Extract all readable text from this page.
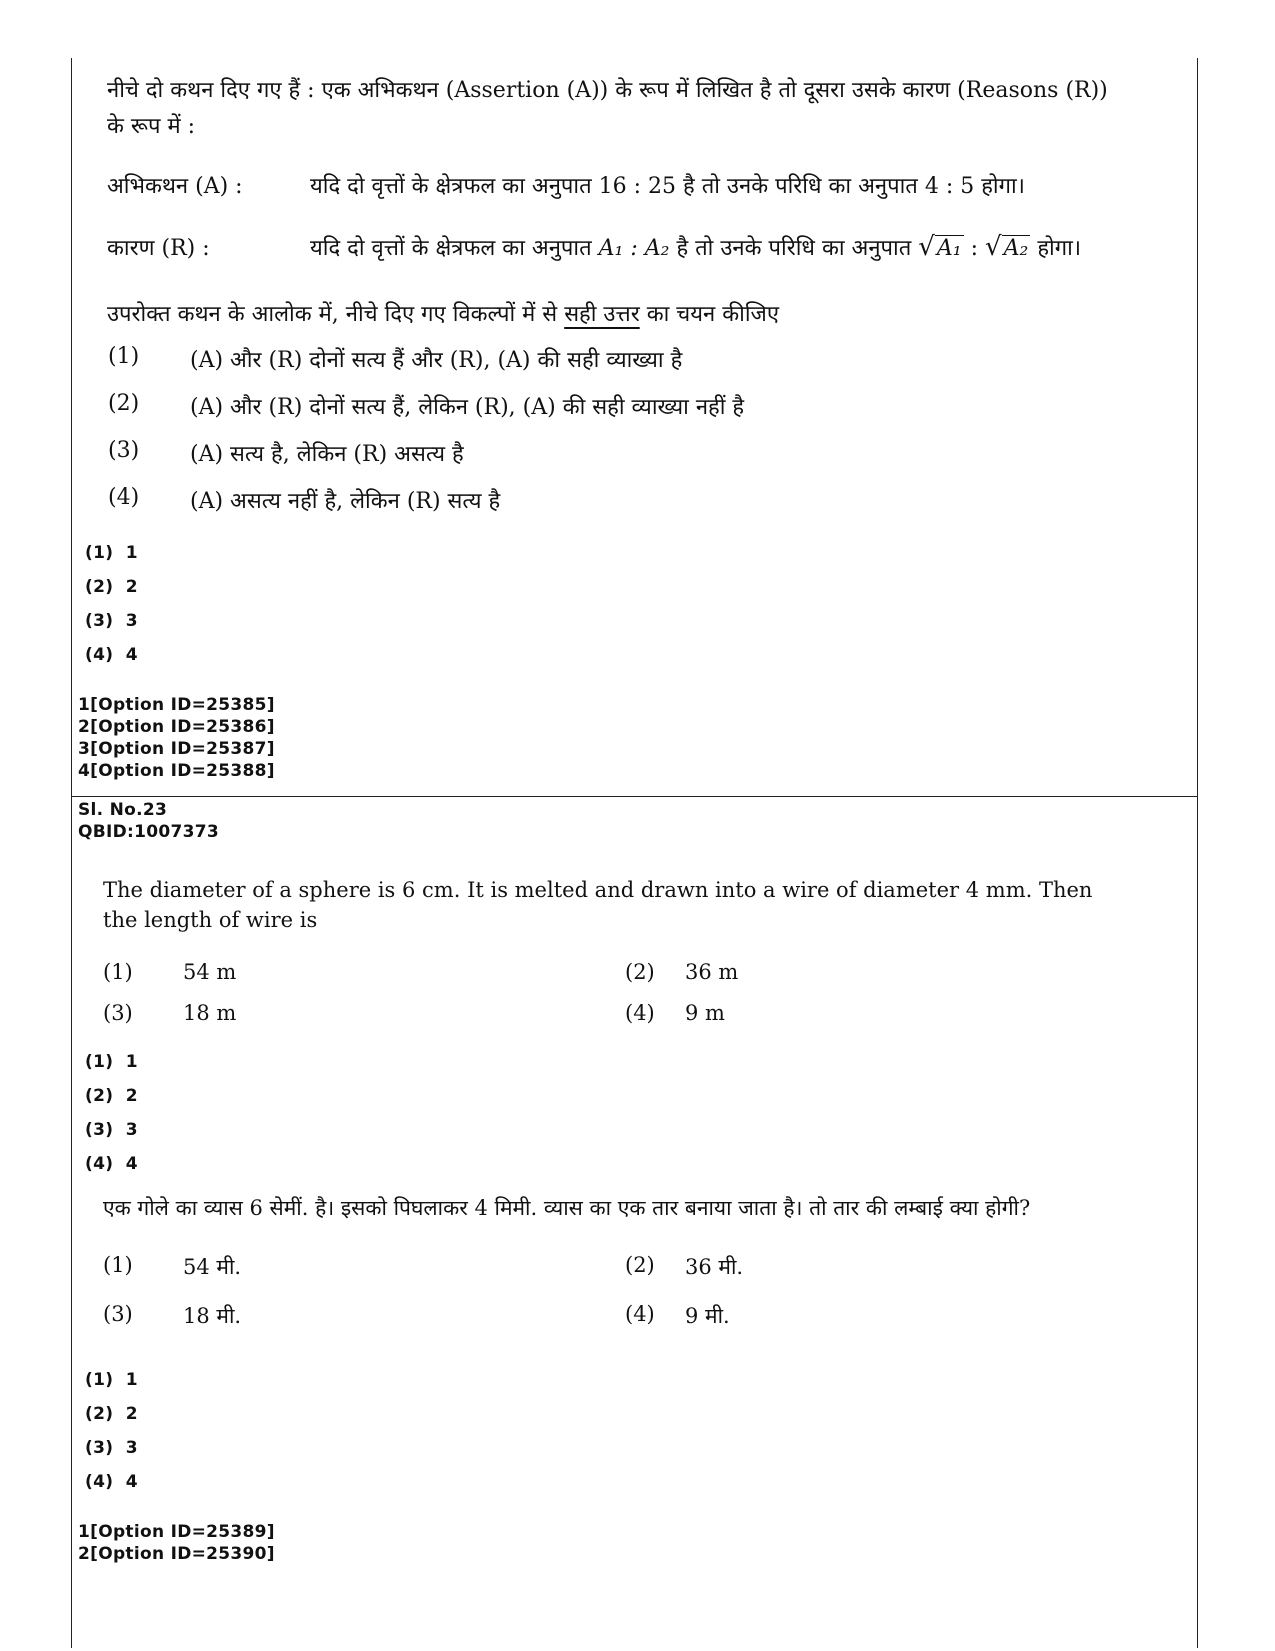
नीचे दो कथन दिए गए हैं : एक अभिकथन (Assertion (A)) के रूप में लिखित है तो दूसरा उसके कारण (Reasons (R))
के रूप में :
अभिकथन (A) :	यदि दो वृत्तों के क्षेत्रफल का अनुपात 16 : 25 है तो उनके परिधि का अनुपात 4 : 5 होगा।
कारण (R) :	यदि दो वृत्तों के क्षेत्रफल का अनुपात A₁ : A₂ है तो उनके परिधि का अनुपात √A₁ : √A₂ होगा।
उपरोक्त कथन के आलोक में, नीचे दिए गए विकल्पों में से सही उत्तर का चयन कीजिए
(1) (A) और (R) दोनों सत्य हैं और (R), (A) की सही व्याख्या है
(2) (A) और (R) दोनों सत्य हैं, लेकिन (R), (A) की सही व्याख्या नहीं है
(3) (A) सत्य है, लेकिन (R) असत्य है
(4) (A) असत्य नहीं है, लेकिन (R) सत्य है
(1)  1
(2)  2
(3)  3
(4)  4
1[Option ID=25385]
2[Option ID=25386]
3[Option ID=25387]
4[Option ID=25388]
Sl. No.23
QBID:1007373
The diameter of a sphere is 6 cm. It is melted and drawn into a wire of diameter 4 mm. Then
the length of wire is
(1) 54 m	(2) 36 m
(3) 18 m	(4) 9 m
(1)  1
(2)  2
(3)  3
(4)  4
एक गोले का व्यास 6 सेमीं. है। इसको पिघलाकर 4 मिमी. व्यास का एक तार बनाया जाता है। तो तार की लम्बाई क्या होगी?
(1) 54 मी.	(2) 36 मी.
(3) 18 मी.	(4) 9 मी.
(1)  1
(2)  2
(3)  3
(4)  4
1[Option ID=25389]
2[Option ID=25390]
